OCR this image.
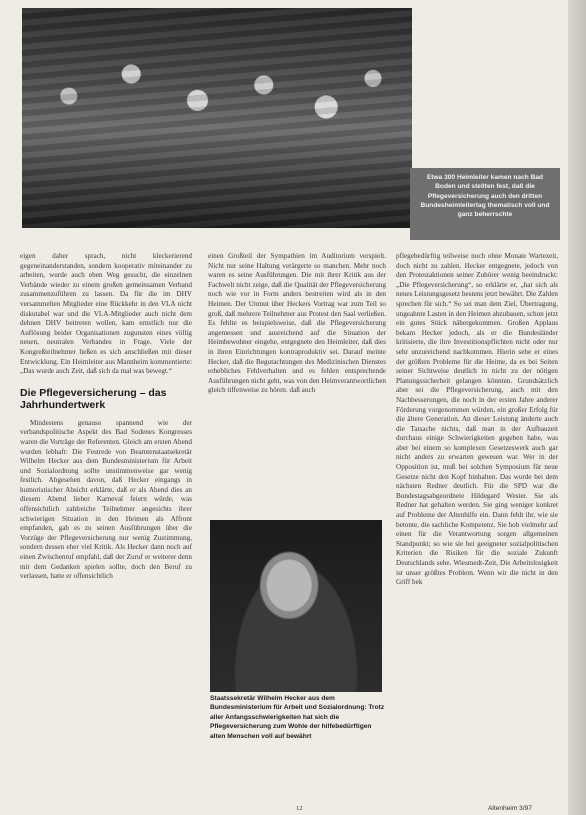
Etwa 300 Heimleiter kamen nach Bad Boden und stellten fest, daß die Pflegeversicherung auch den dritten Bundesheimleitertag thematisch voll und ganz beherrschte

eigen daher sprach, nicht kleckerierend gegeneinanderstanden, sondern kooperativ miteinander zu arbeiten, wurde auch eben Weg gesucht, die einzelnen Verbände wieder zu einem großen gemeinsamen Verband zusammenzuführen zu lassen. Da für die im DHV versammelten Mitglieder eine Rückkehr in den VLA nicht diskutabel war und die VLA-Mitglieder auch nicht dem dehnen DHV beitreten wollen, kam ernstlich nur die Auflösung beider Organisationen zugunsten eines völlig neuen, neutralen Verbandes in Frage. Viele der Kongreßteilnehmer ließen es sich anschließen mit dieser Entwicklung. Ein Heimleiter aus Mannheim kommentierte: „Das wurde auch Zeit, daß sich da mal was bewegt.“

Die Pflegeversicherung – das Jahrhundertwerk

Mindestens genauso spannend wie der verbandspolitische Aspekt des Bad Sodenes Kongresses waren die Vorträge der Referenten. Gleich am ersten Abend wurden lebhaft: Die Festrede von Beamtenstaatsekretär Wilhelm Hecker aus dem Bundesministerium für Arbeit und Sozialordnung sollte unstimmenweise gar wenig festlich. Abgesehen davon, daß Hecker eingangs in humoristischer Absicht erklärte, daß er als Abend dies an diesem Abend lieber Karneval feiern würde, was offensichtlich zahlreiche Teilnehmer angesichts ihrer schwierigen Situation in den Heimen als Affront empfanden, gab es zu seinen Ausführungen über die Vorzüge der Pflegeversicherung nur wenig Zustimmung, sondern dessen eher viel Kritik. Als Hecker dann noch auf einen Zwischenruf empfahl, daß der Zuruf er weiterer denn mit dem Gedanken spielen sollte, doch den Beruf zu verlassen, hatte er offensichtlich

einen Großteil der Sympathien im Auditorium verspielt. Nicht nur seine Haltung verärgerte so manchen. Mehr noch waren es seine Ausführungen. Die mit ihrer Kritik aus der Fachwelt nicht zeige, daß die Qualität der Pflegeversicherung noch wie vor in Form anders bestreiten wird als in den Heimen. Der Unmut über Heckers Vortrag war zum Teil so groß, daß mehrere Teilnehmer aus Protest den Saal verließen. Es fehlte es beispielsweise, daß die Pflegeversicherung angemessen und ausreichend auf die Situation der Heimbewohner eingehe, entgegnete den Heimleiter, daß dies in ihren Einrichtungen kontraproduktiv sei. Darauf meinte Hecker, daß die Begutachtungen des Medizinischen Dienstes erhebliches Fehlverhalten und es fehlen entsprechende Ausführungen nicht geht, was von den Heimverantwortlichen gleich tiffenweise zu hören. daß auch

Staatssekretär Wilhelm Hecker aus dem Bundesministerium für Arbeit und Sozialordnung: Trotz aller Anfangsschwierigkeiten hat sich die Pflegeversicherung zum Wohle der hilfebedürftigen alten Menschen voll auf bewährt

pflegebedürftig teilweise noch ohne Monate Wartezeit, doch nicht zu zahlen. Hecker entgegnete, jedoch von den Protestaktionen seiner Zuhörer wenig beeindruckt: „Die Pflegeversicherung“, so erklärte er, „hat sich als neues Leistungsgesetz bestens jetzt bewährt. Die Zahlen sprechen für sich.“ So sei man dem Ziel, Übertragung, ungeahnte Lasten in den Heimen abzubauen, schon jetzt ein gutes Stück nähergekommen. Großen Applaus bekam Hecker jedoch, als er die Bundesländer kritisierte, die ihre Investitionspflichten nicht oder nur sehr unzureichend nachkommen. Hierin sehe er eines der größten Probleme für die Heime, da es bei Seiten seiner Sichtweise deutlich in nicht zu der nötigen Planungssicherheit gelangen könnten. Grundsätzlich aber sei die Pflegeversicherung, auch mit den Nachbesserungen, die noch in der ersten Jahre anderer Förderung vorgenommen würden, ein großer Erfolg für die ältere Generation. An dieser Leistung änderte auch die Tatsache nichts, daß man in der Aufbauzeit durchaus einige Schwierigkeiten gegeben habe, was aber bei einem so komplexen Gesetzeswerk auch gar nicht anders zu erwarten gewesen war. Wer in der Opposition ist, muß bei solchen Symposium für neue Gesetze nicht den Kopf hinhalten. Das wurde bei dem nächsten Redner deutlich. Für die SPD war die Bundestagsabgeordnete Hildegard Wester. Sie als Redner hat gehalten werden. Sie ging weniger konkret auf Probleme der Altenhilfe ein. Dann fehlt ihr, wie sie betonte, die sachliche Kompetenz. Sie hob vielmehr auf einen für die Verantwortung sorgen allgemeinen Standpunkt; so wie sie bei geeigneter sozialpolitischen Kriterien die Risiken für die soziale Zukunft Deutschlands sehe. Wiesmedt-Zeit, Die Arbeitslosigkeit ist unser größtes Problem. Wenn wir die nicht in den Griff bek

12	Altenheim 3/97
